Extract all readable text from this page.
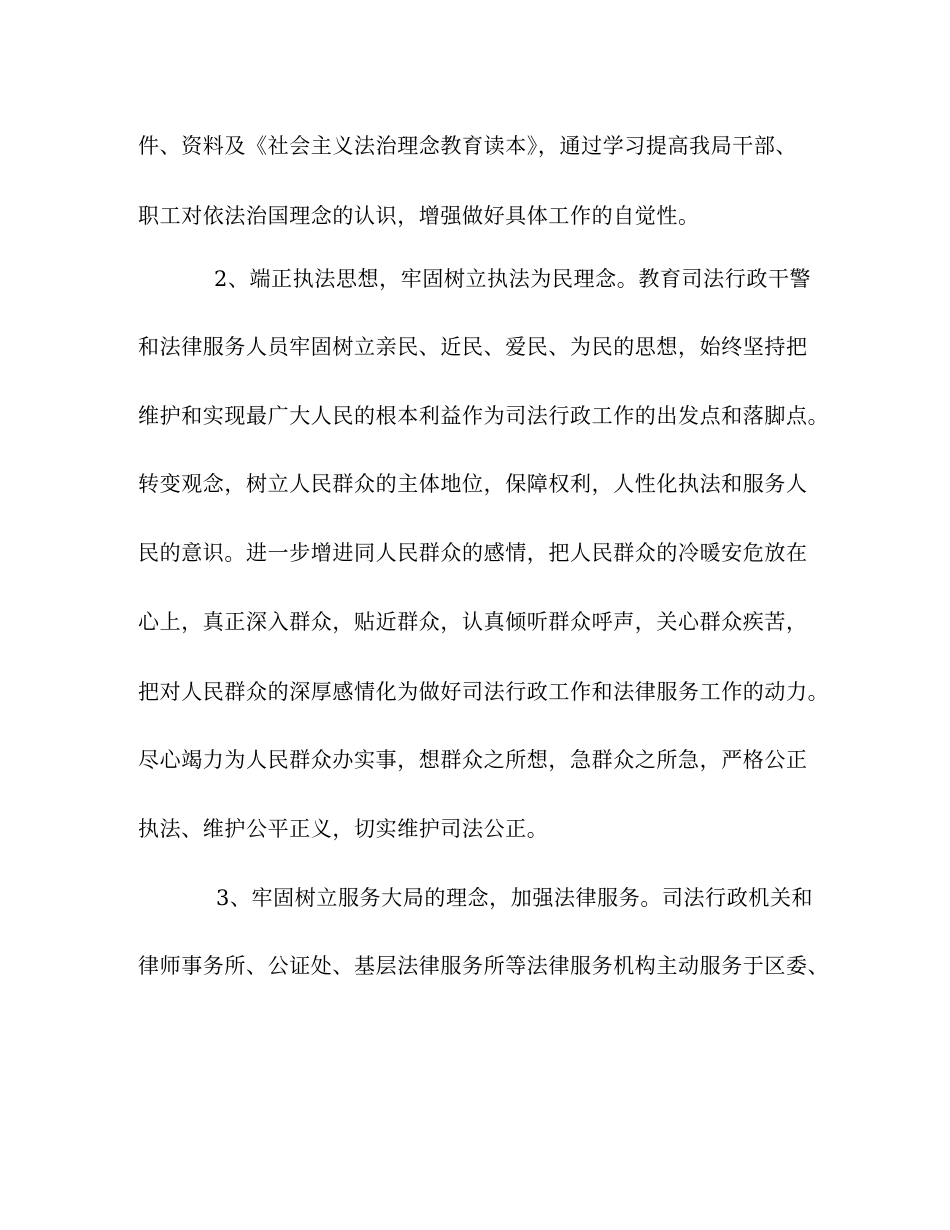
件、资料及《社会主义法治理念教育读本》，通过学习提高我局干部、
职工对依法治国理念的认识，增强做好具体工作的自觉性。
2、端正执法思想，牢固树立执法为民理念。教育司法行政干警
和法律服务人员牢固树立亲民、近民、爱民、为民的思想，始终坚持把
维护和实现最广大人民的根本利益作为司法行政工作的出发点和落脚点。
转变观念，树立人民群众的主体地位，保障权利，人性化执法和服务人
民的意识。进一步增进同人民群众的感情，把人民群众的冷暖安危放在
心上，真正深入群众，贴近群众，认真倾听群众呼声，关心群众疾苦，
把对人民群众的深厚感情化为做好司法行政工作和法律服务工作的动力。
尽心竭力为人民群众办实事，想群众之所想，急群众之所急，严格公正
执法、维护公平正义，切实维护司法公正。
3、牢固树立服务大局的理念，加强法律服务。司法行政机关和
律师事务所、公证处、基层法律服务所等法律服务机构主动服务于区委、
